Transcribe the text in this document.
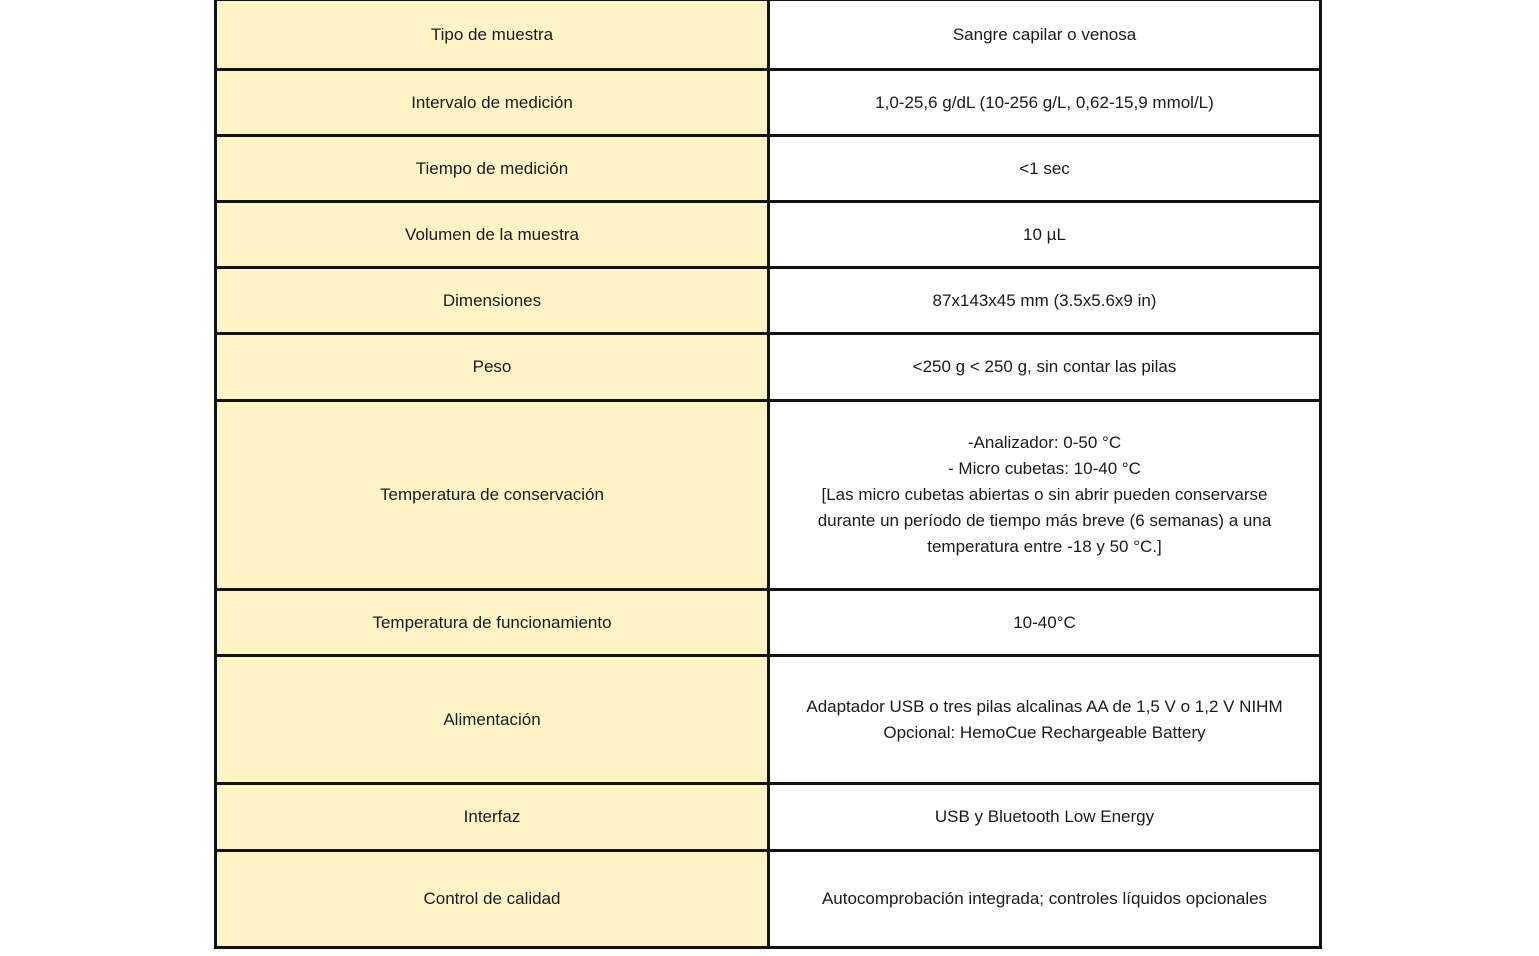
Tipo de muestra	Sangre capilar o venosa

Intervalo de medición	1,0-25,6 g/dL (10-256 g/L, 0,62-15,9 mmol/L)

Tiempo de medición	<1 sec

Volumen de la muestra	10 µL

Dimensiones	87x143x45 mm (3.5x5.6x9 in)

Peso	<250 g < 250 g, sin contar las pilas

Temperatura de conservación	-Analizador: 0-50 °C
- Micro cubetas: 10-40 °C
[Las micro cubetas abiertas o sin abrir pueden conservarse
durante un período de tiempo más breve (6 semanas) a una
temperatura entre -18 y 50 °C.]

Temperatura de funcionamiento	10-40°C

Alimentación	Adaptador USB o tres pilas alcalinas AA de 1,5 V o 1,2 V NIHM
Opcional: HemoCue Rechargeable Battery

Interfaz	USB y Bluetooth Low Energy

Control de calidad	Autocomprobación integrada; controles líquidos opcionales
